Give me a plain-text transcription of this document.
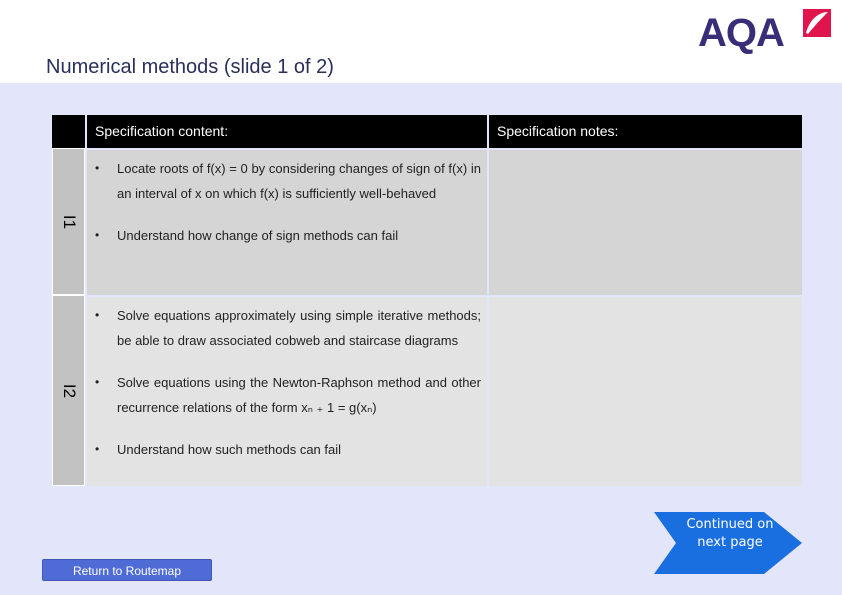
Numerical methods (slide 1 of 2)
AQA
Specification content:	Specification notes:
I1
• Locate roots of f(x) = 0 by considering changes of sign of f(x) in an interval of x on which f(x) is sufficiently well-behaved
• Understand how change of sign methods can fail
I2
• Solve equations approximately using simple iterative methods; be able to draw associated cobweb and staircase diagrams
• Solve equations using the Newton-Raphson method and other recurrence relations of the form xₙ ₊ 1 = g(xₙ)
• Understand how such methods can fail
Return to Routemap
Continued on next page
